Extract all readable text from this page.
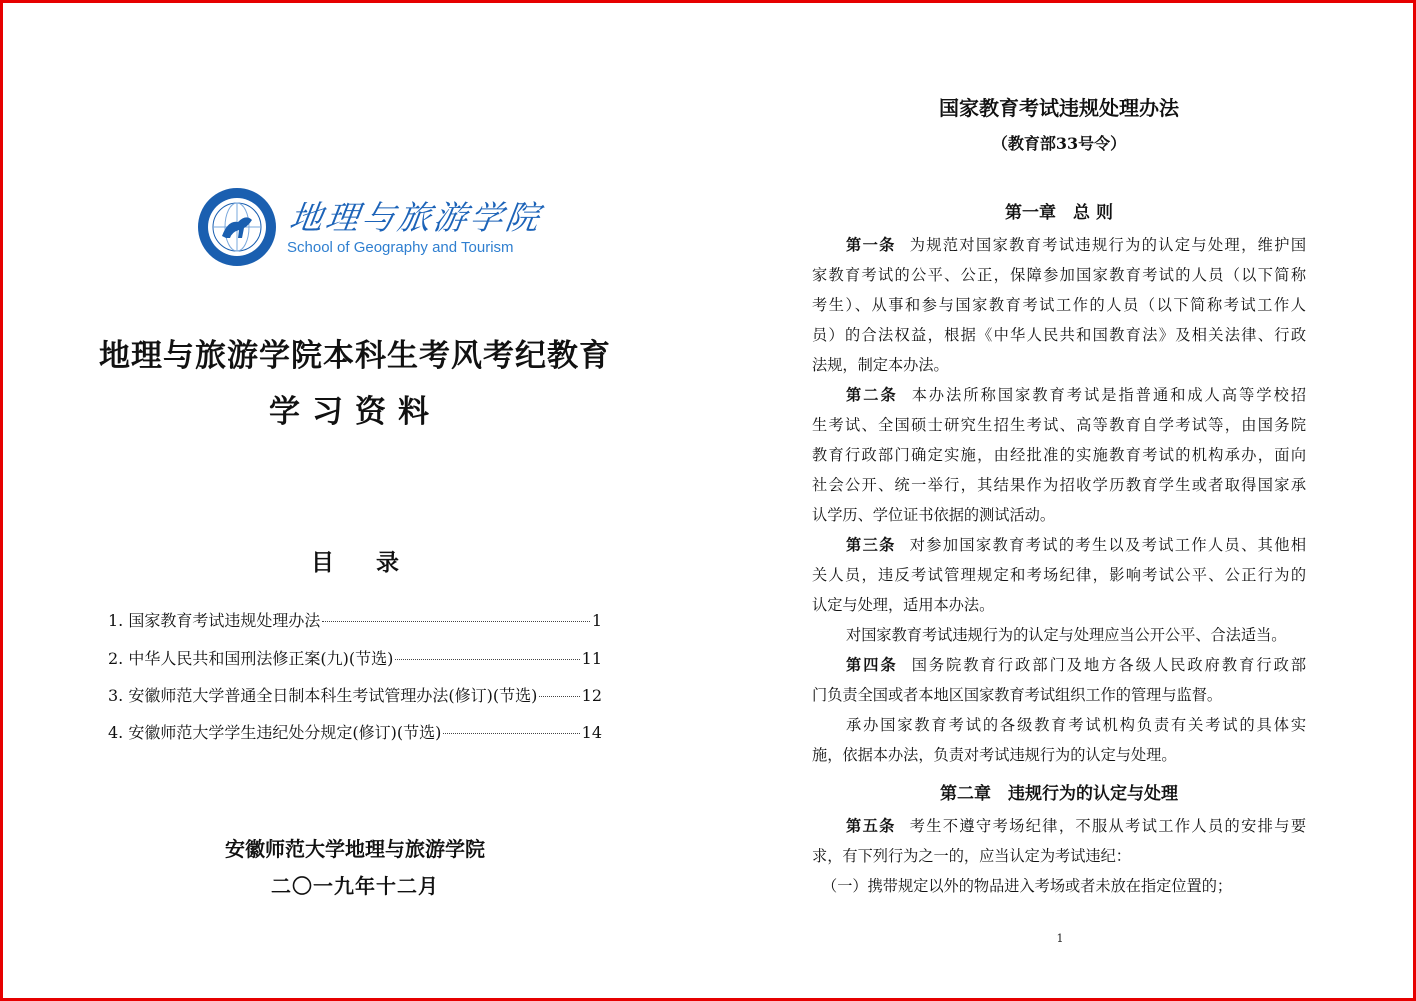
地理与旅游学院
School of Geography and Tourism
地理与旅游学院本科生考风考纪教育
学习资料
目 录
1. 国家教育考试违规处理办法	1
2. 中华人民共和国刑法修正案(九)(节选)	11
3. 安徽师范大学普通全日制本科生考试管理办法(修订)(节选)	12
4. 安徽师范大学学生违纪处分规定(修订)(节选)	14
安徽师范大学地理与旅游学院
二〇一九年十二月
国家教育考试违规处理办法
（教育部33号令）
第一章　总 则
第一条 为规范对国家教育考试违规行为的认定与处理，维护国
家教育考试的公平、公正，保障参加国家教育考试的人员（以下简称
考生）、从事和参与国家教育考试工作的人员（以下简称考试工作人
员）的合法权益，根据《中华人民共和国教育法》及相关法律、行政
法规，制定本办法。
第二条 本办法所称国家教育考试是指普通和成人高等学校招
生考试、全国硕士研究生招生考试、高等教育自学考试等，由国务院
教育行政部门确定实施，由经批准的实施教育考试的机构承办，面向
社会公开、统一举行，其结果作为招收学历教育学生或者取得国家承
认学历、学位证书依据的测试活动。
第三条 对参加国家教育考试的考生以及考试工作人员、其他相
关人员，违反考试管理规定和考场纪律，影响考试公平、公正行为的
认定与处理，适用本办法。
对国家教育考试违规行为的认定与处理应当公开公平、合法适当。
第四条 国务院教育行政部门及地方各级人民政府教育行政部
门负责全国或者本地区国家教育考试组织工作的管理与监督。
承办国家教育考试的各级教育考试机构负责有关考试的具体实
施，依据本办法，负责对考试违规行为的认定与处理。
第二章　违规行为的认定与处理
第五条 考生不遵守考场纪律，不服从考试工作人员的安排与要
求，有下列行为之一的，应当认定为考试违纪：
（一）携带规定以外的物品进入考场或者未放在指定位置的；
1
